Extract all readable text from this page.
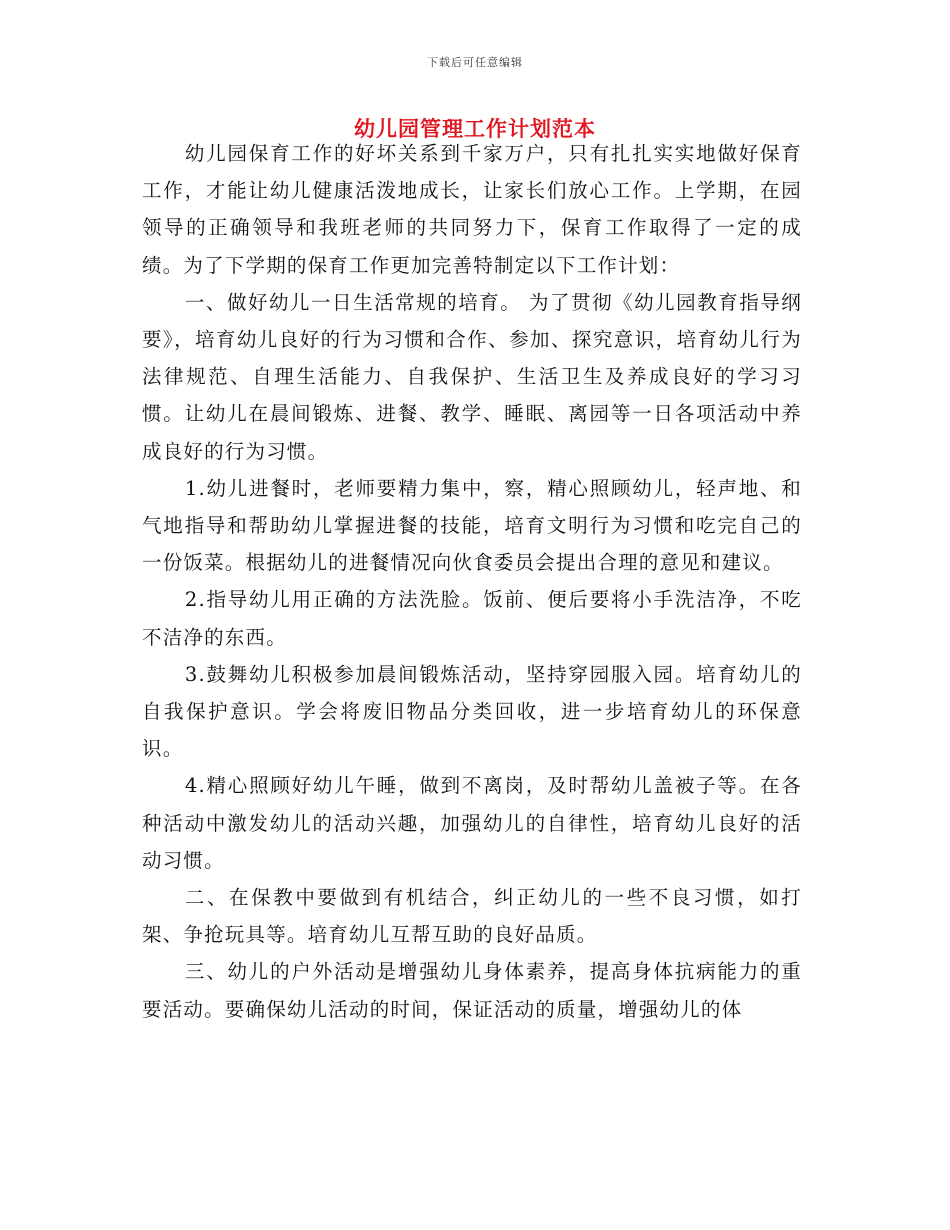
下载后可任意编辑
幼儿园管理工作计划范本

幼儿园保育工作的好坏关系到千家万户，只有扎扎实实地做好保育工作，才能让幼儿健康活泼地成长，让家长们放心工作。上学期，在园领导的正确领导和我班老师的共同努力下，保育工作取得了一定的成绩。为了下学期的保育工作更加完善特制定以下工作计划：

一、做好幼儿一日生活常规的培育。 为了贯彻《幼儿园教育指导纲要》，培育幼儿良好的行为习惯和合作、参加、探究意识，培育幼儿行为法律规范、自理生活能力、自我保护、生活卫生及养成良好的学习习惯。让幼儿在晨间锻炼、进餐、教学、睡眠、离园等一日各项活动中养成良好的行为习惯。

1.幼儿进餐时，老师要精力集中，察，精心照顾幼儿，轻声地、和气地指导和帮助幼儿掌握进餐的技能，培育文明行为习惯和吃完自己的一份饭菜。根据幼儿的进餐情况向伙食委员会提出合理的意见和建议。

2.指导幼儿用正确的方法洗脸。饭前、便后要将小手洗洁净，不吃不洁净的东西。

3.鼓舞幼儿积极参加晨间锻炼活动，坚持穿园服入园。培育幼儿的自我保护意识。学会将废旧物品分类回收，进一步培育幼儿的环保意识。

4.精心照顾好幼儿午睡，做到不离岗，及时帮幼儿盖被子等。在各种活动中激发幼儿的活动兴趣，加强幼儿的自律性，培育幼儿良好的活动习惯。

二、在保教中要做到有机结合，纠正幼儿的一些不良习惯，如打架、争抢玩具等。培育幼儿互帮互助的良好品质。

三、幼儿的户外活动是增强幼儿身体素养，提高身体抗病能力的重要活动。要确保幼儿活动的时间，保证活动的质量，增强幼儿的体
